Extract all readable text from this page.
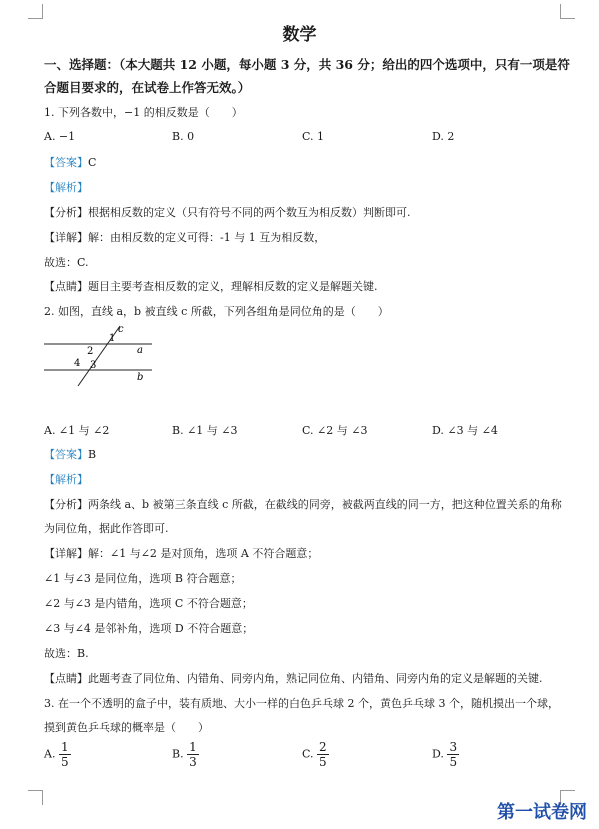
数学
一、选择题：（本大题共 12 小题，每小题 3 分，共 36 分；给出的四个选项中，只有一项是符
合题目要求的，在试卷上作答无效。）
1. 下列各数中，−1 的相反数是（　　）
A. −1	B. 0	C. 1	D. 2
【答案】C
【解析】
【分析】根据相反数的定义（只有符号不同的两个数互为相反数）判断即可.
【详解】解：由相反数的定义可得：-1 与 1 互为相反数，
故选：C.
【点睛】题目主要考查相反数的定义，理解相反数的定义是解题关键.
2. 如图，直线 a，b 被直线 c 所截，下列各组角是同位角的是（　　）
c
a
b
1
2
3
4
A. ∠1 与 ∠2	B. ∠1 与 ∠3	C. ∠2 与 ∠3	D. ∠3 与 ∠4
【答案】B
【解析】
【分析】两条线 a、b 被第三条直线 c 所截，在截线的同旁，被截两直线的同一方，把这种位置关系的角称
为同位角，据此作答即可.
【详解】解：∠1 与∠2 是对顶角，选项 A 不符合题意；
∠1 与∠3 是同位角，选项 B 符合题意；
∠2 与∠3 是内错角，选项 C 不符合题意；
∠3 与∠4 是邻补角，选项 D 不符合题意；
故选：B.
【点睛】此题考查了同位角、内错角、同旁内角，熟记同位角、内错角、同旁内角的定义是解题的关键.
3. 在一个不透明的盒子中，装有质地、大小一样的白色乒乓球 2 个，黄色乒乓球 3 个，随机摸出一个球，
摸到黄色乒乓球的概率是（　　）
A. $\frac{1}{5}$	B. $\frac{1}{3}$	C. $\frac{2}{5}$	D. $\frac{3}{5}$
第一试卷网
